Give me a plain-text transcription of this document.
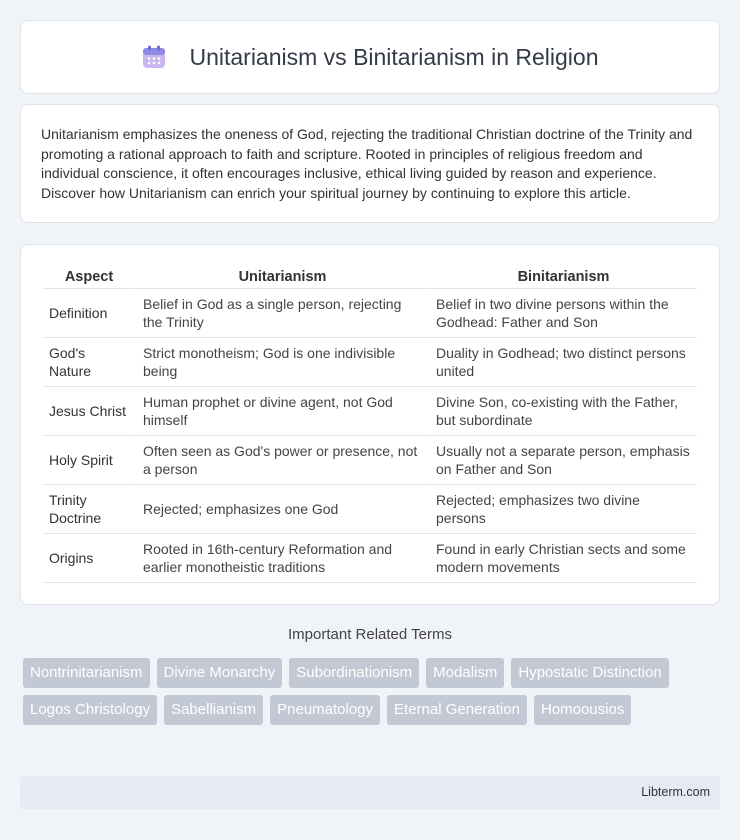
Unitarianism vs Binitarianism in Religion

Unitarianism emphasizes the oneness of God, rejecting the traditional Christian doctrine of the Trinity and promoting a rational approach to faith and scripture. Rooted in principles of religious freedom and individual conscience, it often encourages inclusive, ethical living guided by reason and experience. Discover how Unitarianism can enrich your spiritual journey by continuing to explore this article.

Aspect	Unitarianism	Binitarianism
Definition	Belief in God as a single person, rejecting the Trinity	Belief in two divine persons within the Godhead: Father and Son
God's Nature	Strict monotheism; God is one indivisible being	Duality in Godhead; two distinct persons united
Jesus Christ	Human prophet or divine agent, not God himself	Divine Son, co-existing with the Father, but subordinate
Holy Spirit	Often seen as God's power or presence, not a person	Usually not a separate person, emphasis on Father and Son
Trinity Doctrine	Rejected; emphasizes one God	Rejected; emphasizes two divine persons
Origins	Rooted in 16th-century Reformation and earlier monotheistic traditions	Found in early Christian sects and some modern movements
Important Related Terms
Nontrinitarianism	Divine Monarchy	Subordinationism	Modalism	Hypostatic Distinction
Logos Christology	Sabellianism	Pneumatology	Eternal Generation	Homoousios
Libterm.com
